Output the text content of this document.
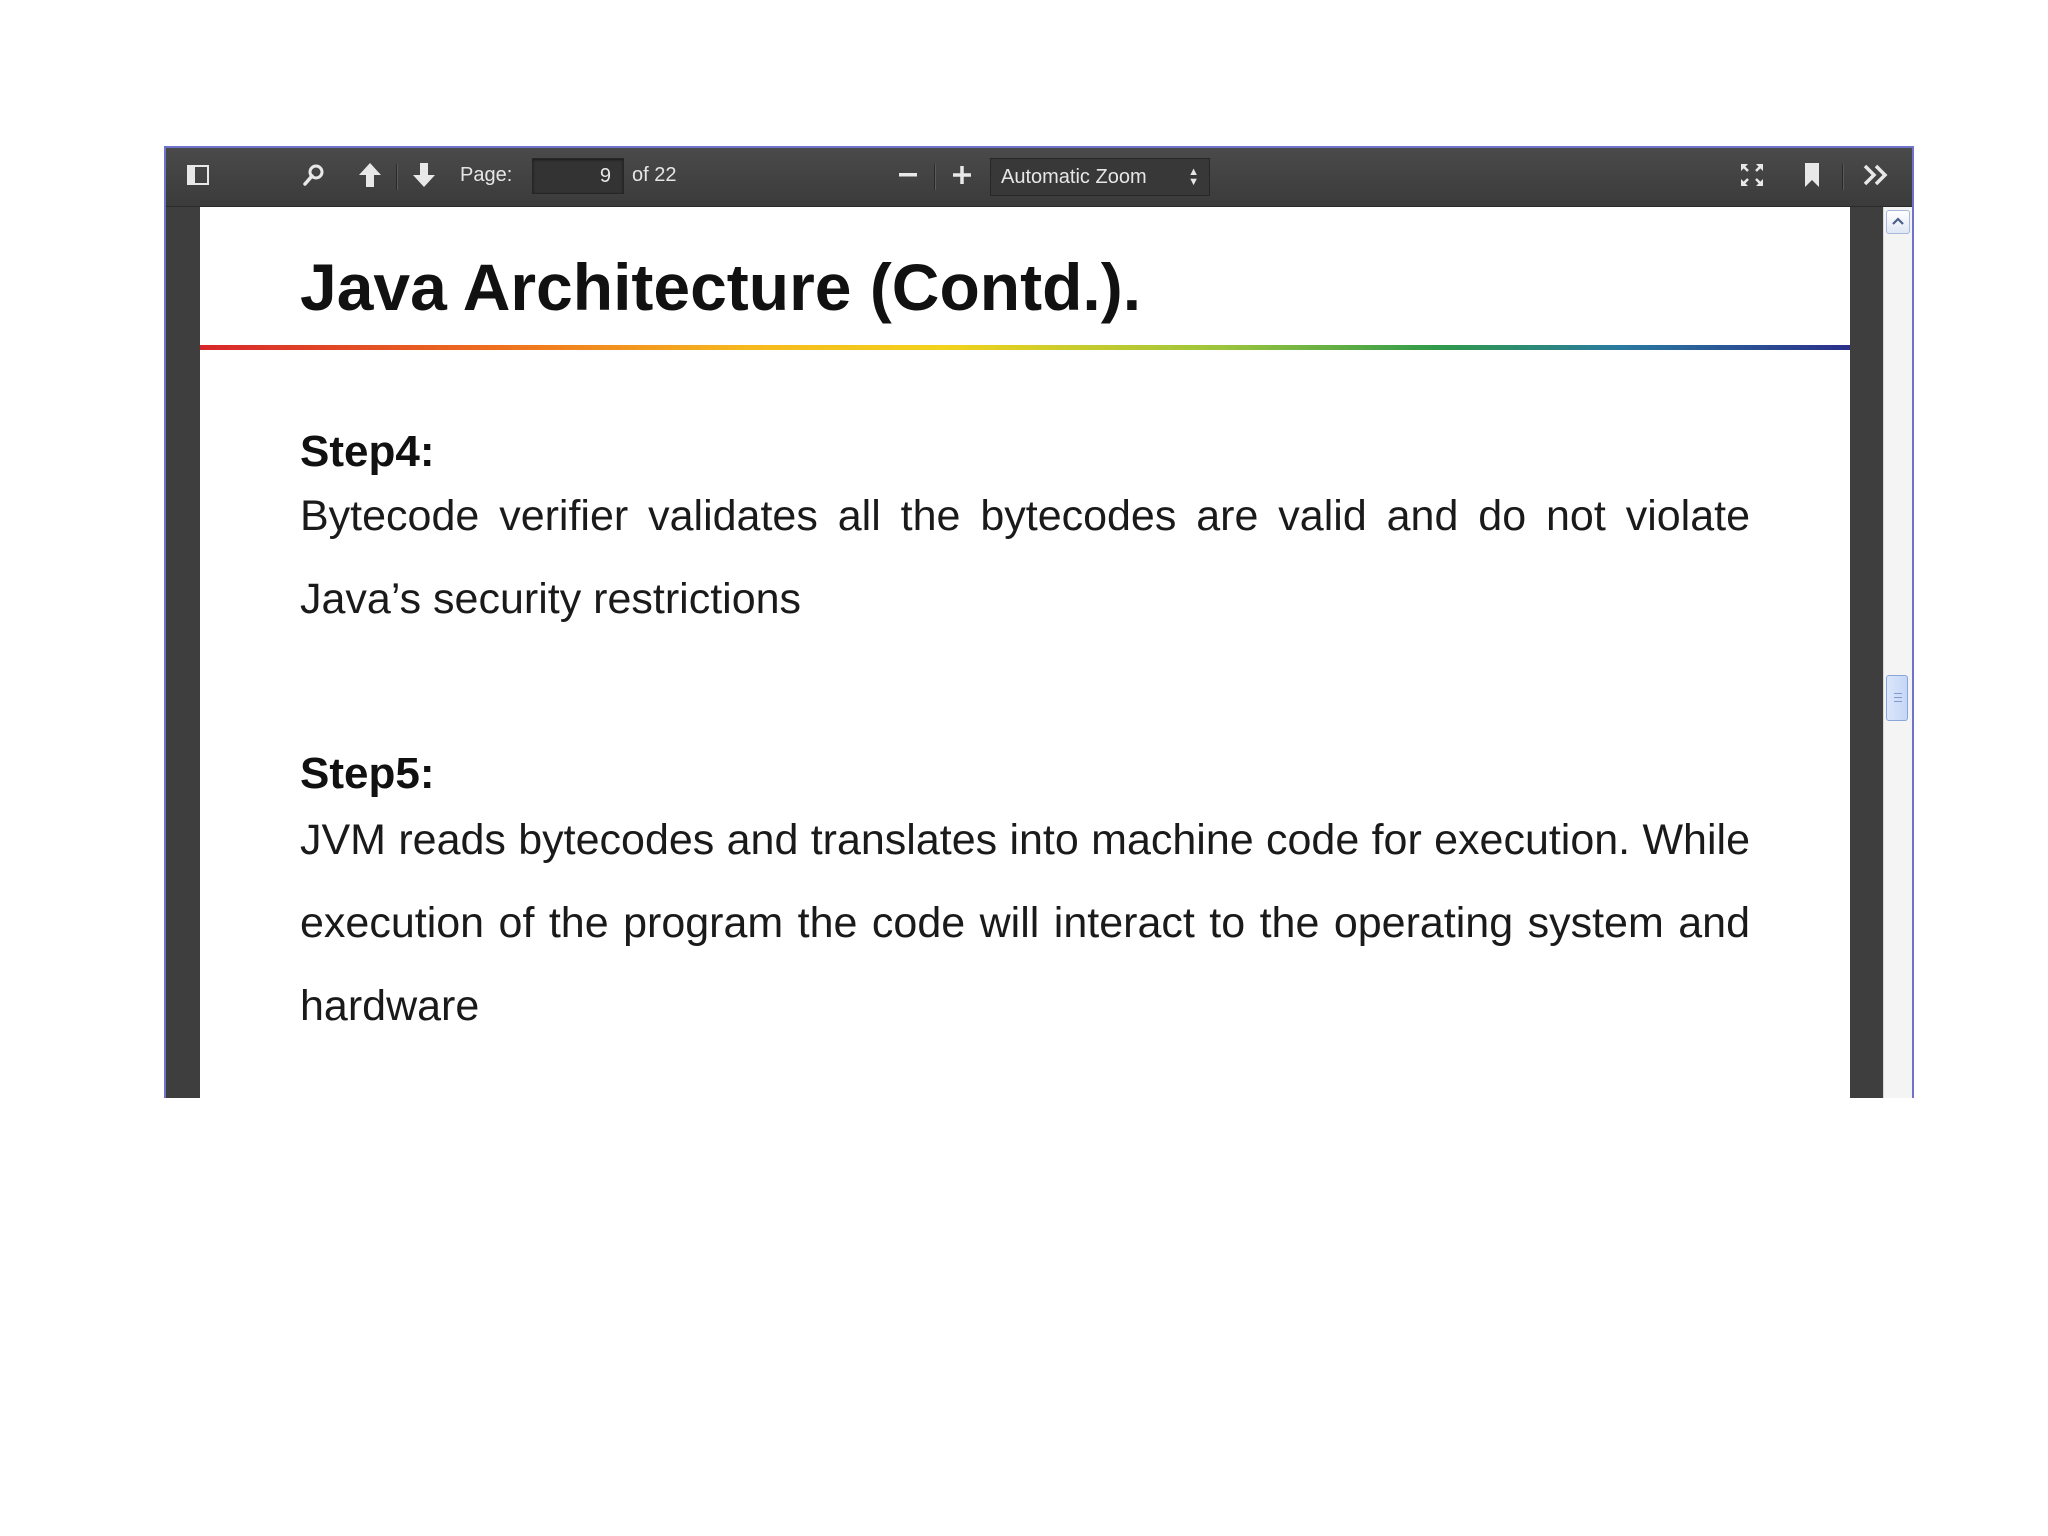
Page:
9	of 22	Automatic Zoom	▲
▼
Java Architecture (Contd.).
Step4:

Bytecode verifier validates all the bytecodes are valid and do not violate Java’s security restrictions

Step5:

JVM reads bytecodes and translates into machine code for execution. While execution of the program the code will interact to the operating system and hardware
